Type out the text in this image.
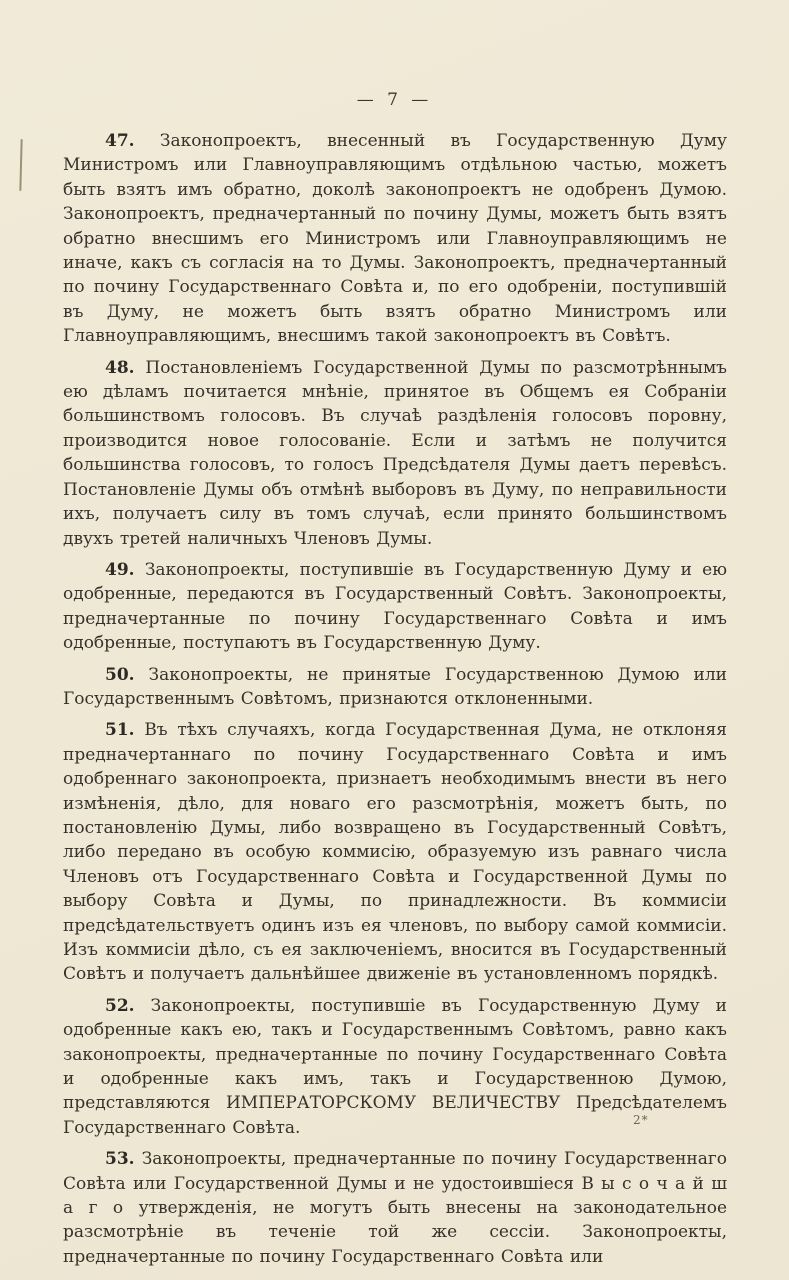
— 7 —

47. Законопроектъ, внесенный въ Государственную Думу Министромъ или Главноуправляющимъ отдѣльною частью, можетъ быть взятъ имъ обратно, доколѣ законопроектъ не одобренъ Думою. Законопроектъ, предначертанный по почину Думы, можетъ быть взятъ обратно внесшимъ его Министромъ или Главноуправляющимъ не иначе, какъ съ согласія на то Думы. Законопроектъ, предначертанный по почину Государственнаго Совѣта и, по его одобреніи, поступившій въ Думу, не можетъ быть взятъ обратно Министромъ или Главноуправляющимъ, внесшимъ такой законопроектъ въ Совѣтъ.

48. Постановленіемъ Государственной Думы по разсмотрѣннымъ ею дѣламъ почитается мнѣніе, принятое въ Общемъ ея Собраніи большинствомъ голосовъ. Въ случаѣ раздѣленія голосовъ поровну, производится новое голосованіе. Если и затѣмъ не получится большинства голосовъ, то голосъ Предсѣдателя Думы даетъ перевѣсъ. Постановленіе Думы объ отмѣнѣ выборовъ въ Думу, по неправильности ихъ, получаетъ силу въ томъ случаѣ, если принято большинствомъ двухъ третей наличныхъ Членовъ Думы.

49. Законопроекты, поступившіе въ Государственную Думу и ею одобренные, передаются въ Государственный Совѣтъ. Законопроекты, предначертанные по почину Государственнаго Совѣта и имъ одобренные, поступаютъ въ Государственную Думу.

50. Законопроекты, не принятые Государственною Думою или Государственнымъ Совѣтомъ, признаются отклоненными.

51. Въ тѣхъ случаяхъ, когда Государственная Дума, не отклоняя предначертаннаго по почину Государственнаго Совѣта и имъ одобреннаго законопроекта, признаетъ необходимымъ внести въ него измѣненія, дѣло, для новаго его разсмотрѣнія, можетъ быть, по постановленію Думы, либо возвращено въ Государственный Совѣтъ, либо передано въ особую коммисію, образуемую изъ равнаго числа Членовъ отъ Государственнаго Совѣта и Государственной Думы по выбору Совѣта и Думы, по принадлежности. Въ коммисіи предсѣдательствуетъ одинъ изъ ея членовъ, по выбору самой коммисіи. Изъ коммисіи дѣло, съ ея заключеніемъ, вносится въ Государственный Совѣтъ и получаетъ дальнѣйшее движеніе въ установленномъ порядкѣ.

52. Законопроекты, поступившіе въ Государственную Думу и одобренные какъ ею, такъ и Государственнымъ Совѣтомъ, равно какъ законопроекты, предначертанные по почину Государственнаго Совѣта и одобренные какъ имъ, такъ и Государственною Думою, представляются ИМПЕРАТОРСКОМУ ВЕЛИЧЕСТВУ Предсѣдателемъ Государственнаго Совѣта.

53. Законопроекты, предначертанные по почину Государственнаго Совѣта или Государственной Думы и не удостоившіеся В ы с о ч а й ш а г о утвержденія, не могутъ быть внесены на законодательное разсмотрѣніе въ теченіе той же сессіи. Законопроекты, предначертанные по почину Государственнаго Совѣта или

2*
